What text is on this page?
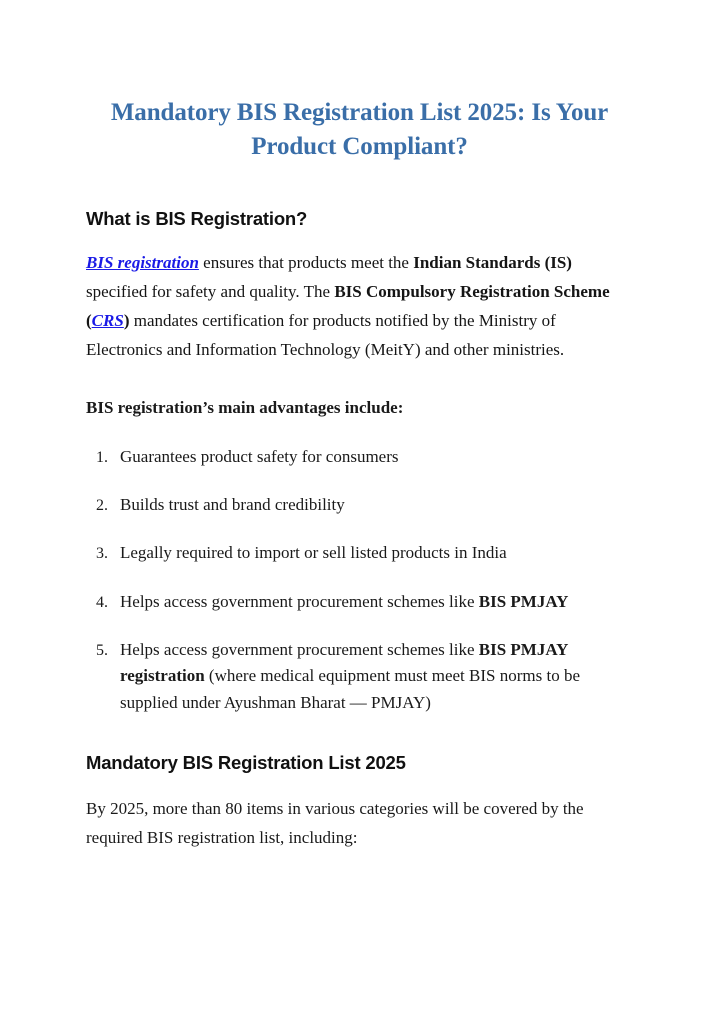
Mandatory BIS Registration List 2025: Is Your Product Compliant?
What is BIS Registration?

BIS registration ensures that products meet the Indian Standards (IS) specified for safety and quality. The BIS Compulsory Registration Scheme (CRS) mandates certification for products notified by the Ministry of Electronics and Information Technology (MeitY) and other ministries.

BIS registration’s main advantages include:

1. Guarantees product safety for consumers
2. Builds trust and brand credibility
3. Legally required to import or sell listed products in India
4. Helps access government procurement schemes like BIS PMJAY
5. Helps access government procurement schemes like BIS PMJAY registration (where medical equipment must meet BIS norms to be supplied under Ayushman Bharat — PMJAY)
Mandatory BIS Registration List 2025

By 2025, more than 80 items in various categories will be covered by the required BIS registration list, including:
